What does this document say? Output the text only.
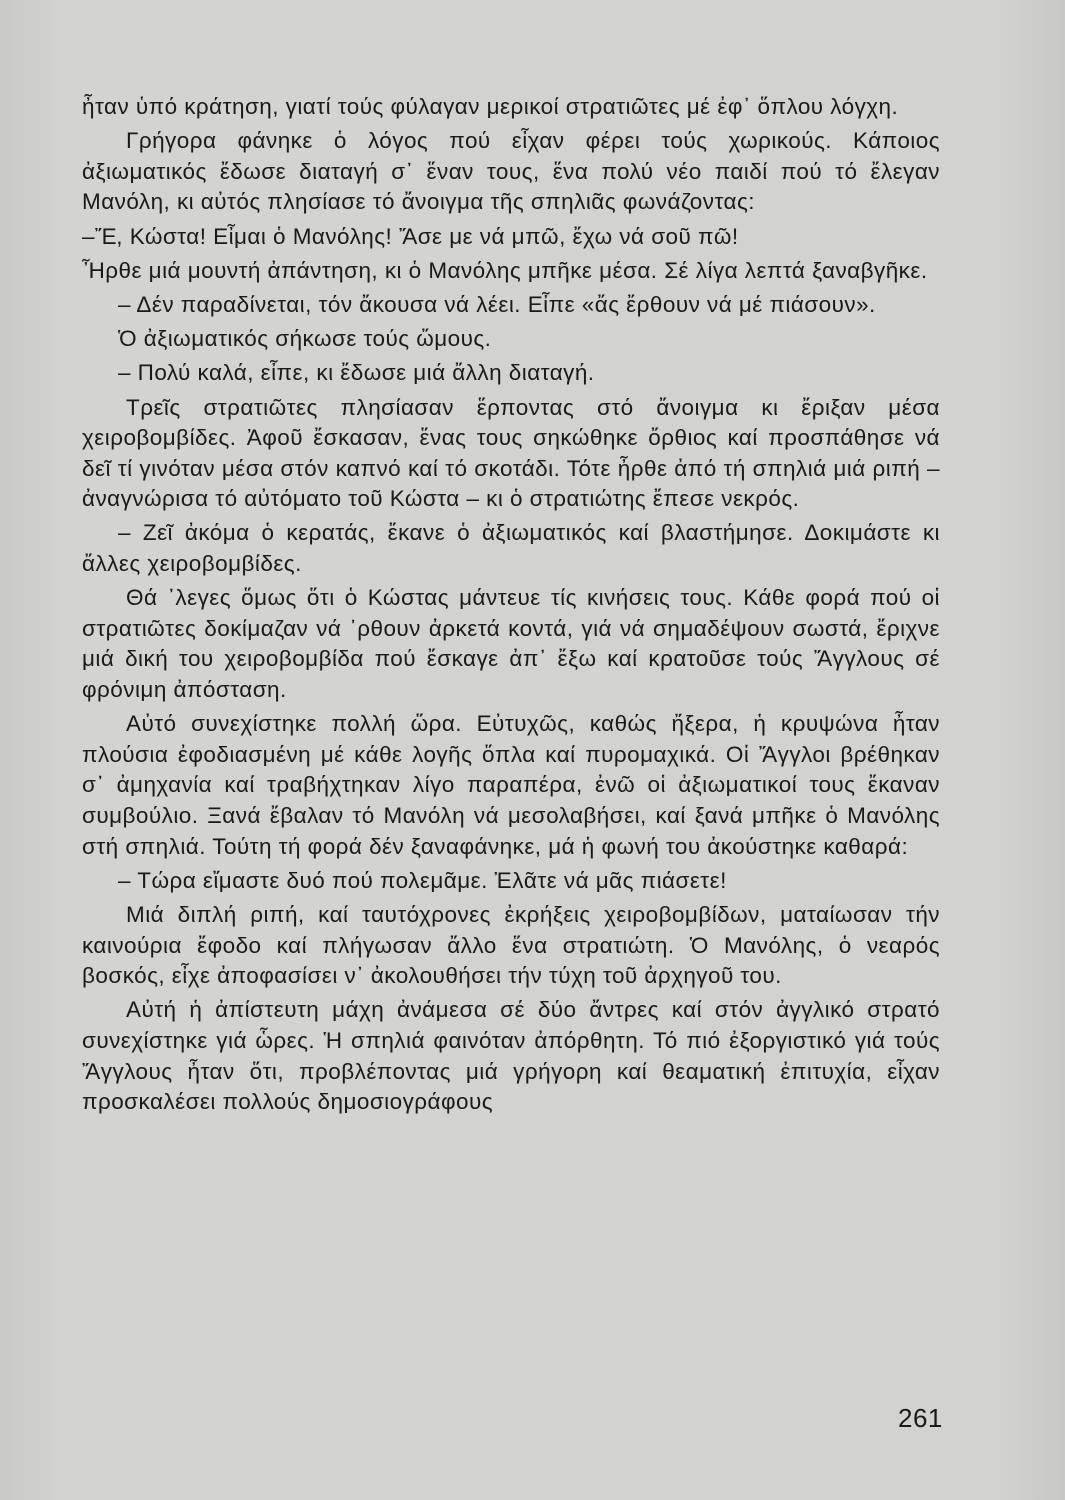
ἦταν ὑπό κράτηση, γιατί τούς φύλαγαν μερικοί στρατιῶτες μέ ἐφ᾽ ὅπλου λόγχη.

Γρήγορα φάνηκε ὁ λόγος πού εἶχαν φέρει τούς χωρικούς. Κάποιος ἀξιωματικός ἔδωσε διαταγή σ᾽ ἕναν τους, ἕνα πολύ νέο παιδί πού τό ἔλεγαν Μανόλη, κι αὐτός πλησίασε τό ἄνοιγμα τῆς σπηλιᾶς φωνάζοντας:

–Ἔ, Κώστα! Εἶμαι ὁ Μανόλης! Ἄσε με νά μπῶ, ἔχω νά σοῦ πῶ!

Ἦρθε μιά μουντή ἀπάντηση, κι ὁ Μανόλης μπῆκε μέσα. Σέ λίγα λεπτά ξαναβγῆκε.

– Δέν παραδίνεται, τόν ἄκουσα νά λέει. Εἶπε «ἄς ἔρθουν νά μέ πιάσουν».

Ὁ ἀξιωματικός σήκωσε τούς ὤμους.

– Πολύ καλά, εἶπε, κι ἔδωσε μιά ἄλλη διαταγή.

Τρεῖς στρατιῶτες πλησίασαν ἕρποντας στό ἄνοιγμα κι ἔριξαν μέσα χειροβομβίδες. Ἀφοῦ ἔσκασαν, ἕνας τους σηκώθηκε ὄρθιος καί προσπάθησε νά δεῖ τί γινόταν μέσα στόν καπνό καί τό σκοτάδι. Τότε ἦρθε ἀπό τή σπηλιά μιά ριπή – ἀναγνώρισα τό αὐτόματο τοῦ Κώστα – κι ὁ στρατιώτης ἔπεσε νεκρός.

– Ζεῖ ἀκόμα ὁ κερατάς, ἔκανε ὁ ἀξιωματικός καί βλαστήμησε. Δοκιμάστε κι ἄλλες χειροβομβίδες.

Θά ᾽λεγες ὅμως ὅτι ὁ Κώστας μάντευε τίς κινήσεις τους. Κάθε φορά πού οἱ στρατιῶτες δοκίμαζαν νά ᾽ρθουν ἀρκετά κοντά, γιά νά σημαδέψουν σωστά, ἔριχνε μιά δική του χειροβομβίδα πού ἔσκαγε ἀπ᾽ ἔξω καί κρατοῦσε τούς Ἄγγλους σέ φρόνιμη ἀπόσταση.

Αὐτό συνεχίστηκε πολλή ὥρα. Εὐτυχῶς, καθώς ἤξερα, ἡ κρυψώνα ἦταν πλούσια ἐφοδιασμένη μέ κάθε λογῆς ὅπλα καί πυρομαχικά. Οἱ Ἄγγλοι βρέθηκαν σ᾽ ἀμηχανία καί τραβήχτηκαν λίγο παραπέρα, ἐνῶ οἱ ἀξιωματικοί τους ἔκαναν συμβούλιο. Ξανά ἔβαλαν τό Μανόλη νά μεσολαβήσει, καί ξανά μπῆκε ὁ Μανόλης στή σπηλιά. Τούτη τή φορά δέν ξαναφάνηκε, μά ἡ φωνή του ἀκούστηκε καθαρά:

– Τώρα εἴμαστε δυό πού πολεμᾶμε. Ἐλᾶτε νά μᾶς πιάσετε!

Μιά διπλή ριπή, καί ταυτόχρονες ἐκρήξεις χειροβομβίδων, ματαίωσαν τήν καινούρια ἔφοδο καί πλήγωσαν ἄλλο ἕνα στρατιώτη. Ὁ Μανόλης, ὁ νεαρός βοσκός, εἶχε ἀποφασίσει ν᾽ ἀκολουθήσει τήν τύχη τοῦ ἀρχηγοῦ του.

Αὐτή ἡ ἀπίστευτη μάχη ἀνάμεσα σέ δύο ἄντρες καί στόν ἀγγλικό στρατό συνεχίστηκε γιά ὧρες. Ἡ σπηλιά φαινόταν ἀπόρθητη. Τό πιό ἐξοργιστικό γιά τούς Ἄγγλους ἦταν ὅτι, προβλέποντας μιά γρήγορη καί θεαματική ἐπιτυχία, εἶχαν προσκαλέσει πολλούς δημοσιογράφους

261
